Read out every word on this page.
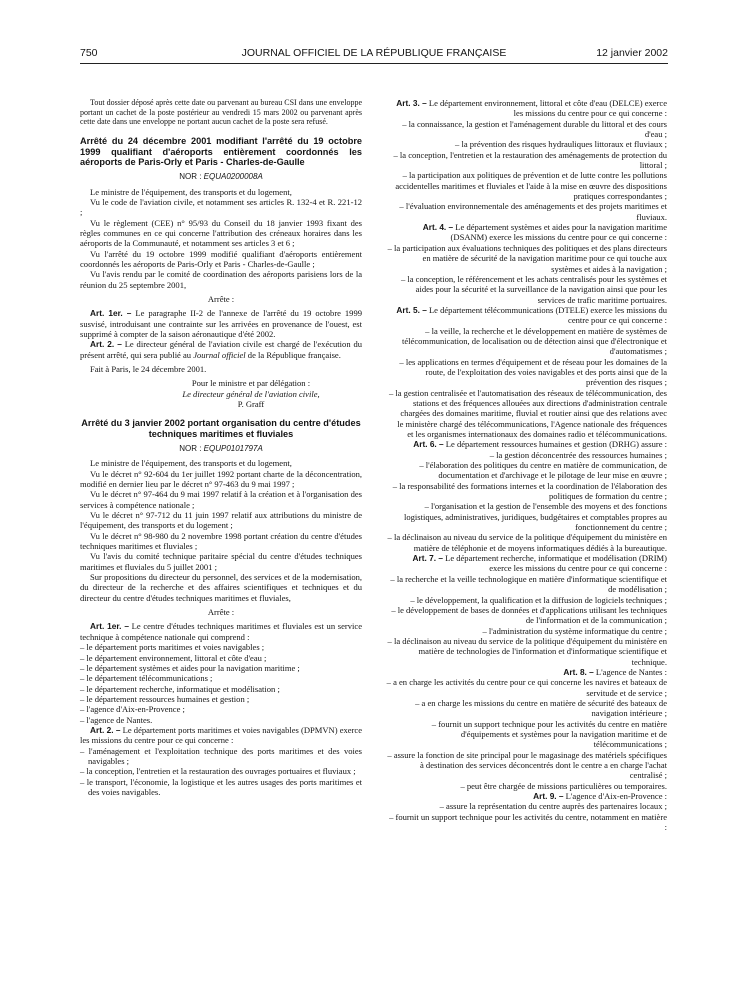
750	JOURNAL OFFICIEL DE LA RÉPUBLIQUE FRANÇAISE	12 janvier 2002

Tout dossier déposé après cette date ou parvenant au bureau CSI dans une enveloppe portant un cachet de la poste postérieur au vendredi 15 mars 2002 ou parvenant après cette date dans une enveloppe ne portant aucun cachet de la poste sera refusé.

Arrêté du 24 décembre 2001 modifiant l'arrêté du 19 octobre 1999 qualifiant d'aéroports entièrement coordonnés les aéroports de Paris-Orly et Paris - Charles-de-Gaulle

NOR : EQUA0200008A

Le ministre de l'équipement, des transports et du logement,

Vu le code de l'aviation civile, et notamment ses articles R. 132-4 et R. 221-12 ;

Vu le règlement (CEE) n° 95/93 du Conseil du 18 janvier 1993 fixant des règles communes en ce qui concerne l'attribution des créneaux horaires dans les aéroports de la Communauté, et notamment ses articles 3 et 6 ;

Vu l'arrêté du 19 octobre 1999 modifié qualifiant d'aéroports entièrement coordonnés les aéroports de Paris-Orly et Paris - Charles-de-Gaulle ;

Vu l'avis rendu par le comité de coordination des aéroports parisiens lors de la réunion du 25 septembre 2001,

Arrête :

Art. 1er. – Le paragraphe II-2 de l'annexe de l'arrêté du 19 octobre 1999 susvisé, introduisant une contrainte sur les arrivées en provenance de l'ouest, est supprimé à compter de la saison aéronautique d'été 2002.

Art. 2. – Le directeur général de l'aviation civile est chargé de l'exécution du présent arrêté, qui sera publié au Journal officiel de la République française.

Fait à Paris, le 24 décembre 2001.

Pour le ministre et par délégation :

Le directeur général de l'aviation civile,

P. Graff

Arrêté du 3 janvier 2002 portant organisation du centre d'études techniques maritimes et fluviales

NOR : EQUP0101797A

Le ministre de l'équipement, des transports et du logement,

Vu le décret n° 92-604 du 1er juillet 1992 portant charte de la déconcentration, modifié en dernier lieu par le décret n° 97-463 du 9 mai 1997 ;

Vu le décret n° 97-464 du 9 mai 1997 relatif à la création et à l'organisation des services à compétence nationale ;

Vu le décret n° 97-712 du 11 juin 1997 relatif aux attributions du ministre de l'équipement, des transports et du logement ;

Vu le décret n° 98-980 du 2 novembre 1998 portant création du centre d'études techniques maritimes et fluviales ;

Vu l'avis du comité technique paritaire spécial du centre d'études techniques maritimes et fluviales du 5 juillet 2001 ;

Sur propositions du directeur du personnel, des services et de la modernisation, du directeur de la recherche et des affaires scientifiques et techniques et du directeur du centre d'études techniques maritimes et fluviales,

Arrête :

Art. 1er. – Le centre d'études techniques maritimes et fluviales est un service technique à compétence nationale qui comprend :

– le département ports maritimes et voies navigables ;

– le département environnement, littoral et côte d'eau ;

– le département systèmes et aides pour la navigation maritime ;

– le département télécommunications ;

– le département recherche, informatique et modélisation ;

– le département ressources humaines et gestion ;

– l'agence d'Aix-en-Provence ;

– l'agence de Nantes.

Art. 2. – Le département ports maritimes et voies navigables (DPMVN) exerce les missions du centre pour ce qui concerne :

– l'aménagement et l'exploitation technique des ports maritimes et des voies navigables ;

– la conception, l'entretien et la restauration des ouvrages portuaires et fluviaux ;

– le transport, l'économie, la logistique et les autres usages des ports maritimes et des voies navigables.

Art. 3. – Le département environnement, littoral et côte d'eau (DELCE) exerce les missions du centre pour ce qui concerne :

– la connaissance, la gestion et l'aménagement durable du littoral et des cours d'eau ;

– la prévention des risques hydrauliques littoraux et fluviaux ;

– la conception, l'entretien et la restauration des aménagements de protection du littoral ;

– la participation aux politiques de prévention et de lutte contre les pollutions accidentelles maritimes et fluviales et l'aide à la mise en œuvre des dispositions pratiques correspondantes ;

– l'évaluation environnementale des aménagements et des projets maritimes et fluviaux.

Art. 4. – Le département systèmes et aides pour la navigation maritime (DSANM) exerce les missions du centre pour ce qui concerne :

– la participation aux évaluations techniques des politiques et des plans directeurs en matière de sécurité de la navigation maritime pour ce qui touche aux systèmes et aides à la navigation ;

– la conception, le référencement et les achats centralisés pour les systèmes et aides pour la sécurité et la surveillance de la navigation ainsi que pour les services de trafic maritime portuaires.

Art. 5. – Le département télécommunications (DTELE) exerce les missions du centre pour ce qui concerne :

– la veille, la recherche et le développement en matière de systèmes de télécommunication, de localisation ou de détection ainsi que d'électronique et d'automatismes ;

– les applications en termes d'équipement et de réseau pour les domaines de la route, de l'exploitation des voies navigables et des ports ainsi que de la prévention des risques ;

– la gestion centralisée et l'automatisation des réseaux de télécommunication, des stations et des fréquences allouées aux directions d'administration centrale chargées des domaines maritime, fluvial et routier ainsi que des relations avec le ministère chargé des télécommunications, l'Agence nationale des fréquences et les organismes internationaux des domaines radio et télécommunications.

Art. 6. – Le département ressources humaines et gestion (DRHG) assure :

– la gestion déconcentrée des ressources humaines ;

– l'élaboration des politiques du centre en matière de communication, de documentation et d'archivage et le pilotage de leur mise en œuvre ;

– la responsabilité des formations internes et la coordination de l'élaboration des politiques de formation du centre ;

– l'organisation et la gestion de l'ensemble des moyens et des fonctions logistiques, administratives, juridiques, budgétaires et comptables propres au fonctionnement du centre ;

– la déclinaison au niveau du service de la politique d'équipement du ministère en matière de téléphonie et de moyens informatiques dédiés à la bureautique.

Art. 7. – Le département recherche, informatique et modélisation (DRIM) exerce les missions du centre pour ce qui concerne :

– la recherche et la veille technologique en matière d'informatique scientifique et de modélisation ;

– le développement, la qualification et la diffusion de logiciels techniques ;

– le développement de bases de données et d'applications utilisant les techniques de l'information et de la communication ;

– l'administration du système informatique du centre ;

– la déclinaison au niveau du service de la politique d'équipement du ministère en matière de technologies de l'information et d'informatique scientifique et technique.

Art. 8. – L'agence de Nantes :

– a en charge les activités du centre pour ce qui concerne les navires et bateaux de servitude et de service ;

– a en charge les missions du centre en matière de sécurité des bateaux de navigation intérieure ;

– fournit un support technique pour les activités du centre en matière d'équipements et systèmes pour la navigation maritime et de télécommunications ;

– assure la fonction de site principal pour le magasinage des matériels spécifiques à destination des services déconcentrés dont le centre a en charge l'achat centralisé ;

– peut être chargée de missions particulières ou temporaires.

Art. 9. – L'agence d'Aix-en-Provence :

– assure la représentation du centre auprès des partenaires locaux ;

– fournit un support technique pour les activités du centre, notamment en matière :
